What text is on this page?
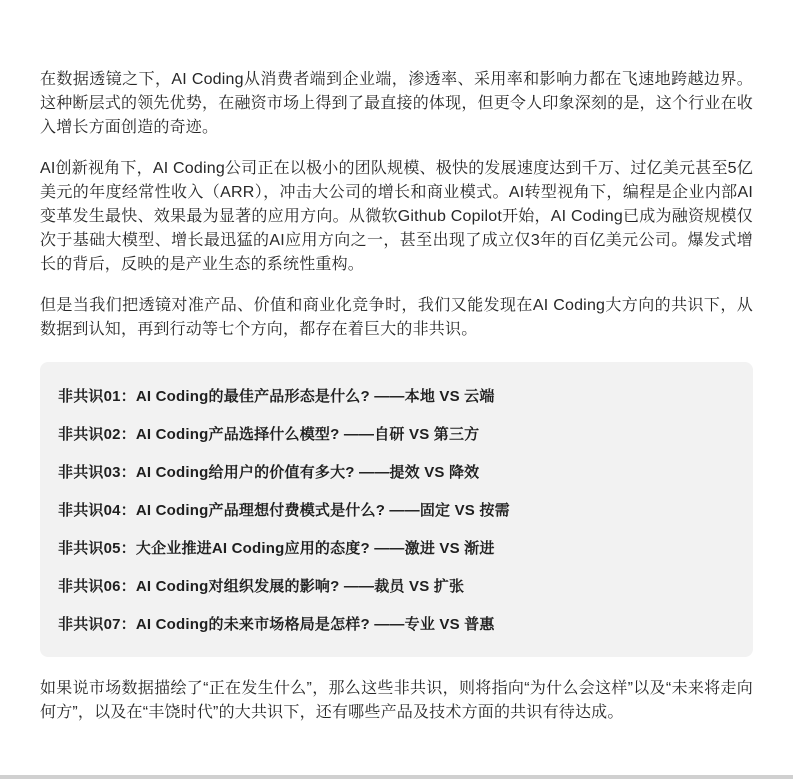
在数据透镜之下，AI Coding从消费者端到企业端，渗透率、采用率和影响力都在飞速地跨越边界。这种断层式的领先优势，在融资市场上得到了最直接的体现，但更令人印象深刻的是，这个行业在收入增长方面创造的奇迹。

AI创新视角下，AI Coding公司正在以极小的团队规模、极快的发展速度达到千万、过亿美元甚至5亿美元的年度经常性收入（ARR），冲击大公司的增长和商业模式。AI转型视角下，编程是企业内部AI变革发生最快、效果最为显著的应用方向。从微软Github Copilot开始，AI Coding已成为融资规模仅次于基础大模型、增长最迅猛的AI应用方向之一，甚至出现了成立仅3年的百亿美元公司。爆发式增长的背后，反映的是产业生态的系统性重构。

但是当我们把透镜对准产品、价值和商业化竞争时，我们又能发现在AI Coding大方向的共识下，从数据到认知，再到行动等七个方向，都存在着巨大的非共识。

非共识01：AI Coding的最佳产品形态是什么? ——本地 VS 云端
非共识02：AI Coding产品选择什么模型? ——自研 VS 第三方
非共识03：AI Coding给用户的价值有多大? ——提效 VS 降效
非共识04：AI Coding产品理想付费模式是什么? ——固定 VS 按需
非共识05：大企业推进AI Coding应用的态度? ——激进 VS 渐进
非共识06：AI Coding对组织发展的影响? ——裁员 VS 扩张
非共识07：AI Coding的未来市场格局是怎样? ——专业 VS 普惠

如果说市场数据描绘了“正在发生什么”，那么这些非共识，则将指向“为什么会这样”以及“未来将走向何方”，以及在“丰饶时代”的大共识下，还有哪些产品及技术方面的共识有待达成。
